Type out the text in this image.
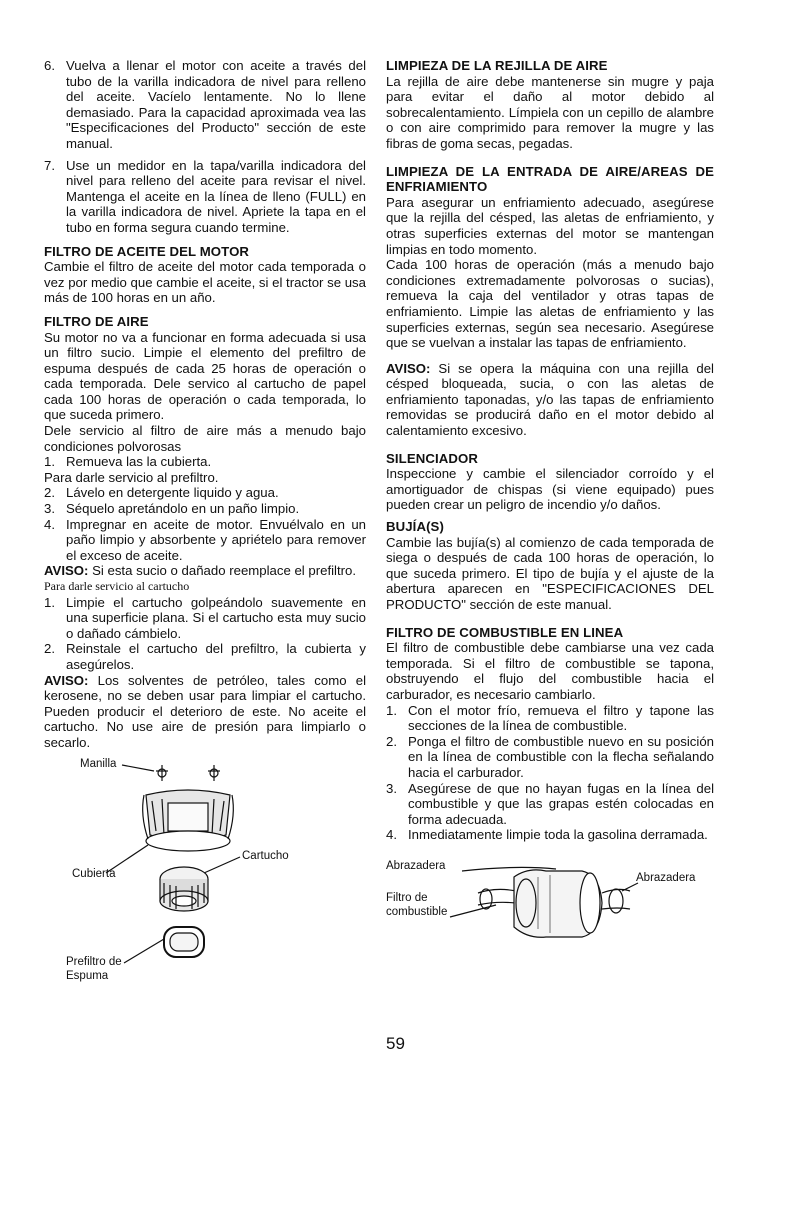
6. Vuelva a llenar el motor con aceite a través del tubo de la varilla indicadora de nivel para relleno del aceite. Vacíelo lentamente. No lo llene demasiado. Para la capacidad aproximada vea las "Especificaciones del Producto" sección de este manual.
7. Use un medidor en la tapa/varilla indicadora del nivel para relleno del aceite para revisar el nivel. Mantenga el aceite en la línea de lleno (FULL) en la varilla indicadora de nivel. Apriete la tapa en el tubo en forma segura cuando termine.

FILTRO DE ACEITE DEL MOTOR

Cambie el filtro de aceite del motor cada temporada o vez por medio que cambie el aceite, si el tractor se usa más de 100 horas en un año.

FILTRO DE AIRE

Su motor no va a funcionar en forma adecuada si usa un filtro sucio. Limpie el elemento del prefiltro de espuma después de cada 25 horas de operación o cada temporada. Dele servico al cartucho de papel cada 100 horas de operación o cada temporada, lo que suceda primero.

Dele servicio al filtro de aire más a menudo bajo condiciones polvorosas

1. Remueva las la cubierta.

Para darle servicio al prefiltro.

2. Lávelo en detergente liquido y agua.
3. Séquelo apretándolo en un paño limpio.
4. Impregnar en aceite de motor. Envuélvalo en un paño limpio y absorbente y apriételo para remover el exceso de aceite.

AVISO: Si esta sucio o dañado reemplace el prefiltro.

Para darle servicio al cartucho

1. Limpie el cartucho golpeándolo suavemente en una superficie plana. Si el cartucho esta muy sucio o dañado cámbielo.
2. Reinstale el cartucho del prefiltro, la cubierta y asegúrelos.

AVISO: Los solventes de petróleo, tales como el kerosene, no se deben usar para limpiar el cartucho. Pueden producir el deterioro de este. No aceite el cartucho. No use aire de presión para limpiarlo o secarlo.

Manilla
Cubierta
Cartucho
Prefiltro de
Espuma

LIMPIEZA DE LA REJILLA DE AIRE

La rejilla de aire debe mantenerse sin mugre y paja para evitar el daño al motor debido al sobrecalentamiento. Límpiela con un cepillo de alambre o con aire comprimido para remover la mugre y las fibras de goma secas, pegadas.

LIMPIEZA DE LA ENTRADA DE AIRE/AREAS DE ENFRIAMIENTO

Para asegurar un enfriamiento adecuado, asegúrese que la rejilla del césped, las aletas de enfriamiento, y otras superficies externas del motor se mantengan limpias en todo momento.

Cada 100 horas de operación (más a menudo bajo condiciones extremadamente polvorosas o sucias), remueva la caja del ventilador y otras tapas de enfriamiento. Limpie las aletas de enfriamiento y las superficies externas, según sea necesario. Asegúrese que se vuelvan a instalar las tapas de enfriamiento.

AVISO: Si se opera la máquina con una rejilla del césped bloqueada, sucia, o con las aletas de enfriamiento taponadas, y/o las tapas de enfriamiento removidas se producirá daño en el motor debido al calentamiento excesivo.

SILENCIADOR

Inspeccione y cambie el silenciador corroído y el amortiguador de chispas (si viene equipado) pues pueden crear un peligro de incendio y/o daños.

BUJÍA(S)

Cambie las bujía(s) al comienzo de cada temporada de siega o después de cada 100 horas de operación, lo que suceda primero. El tipo de bujía y el ajuste de la abertura aparecen en "ESPECIFICACIONES DEL PRODUCTO" sección de este manual.

FILTRO DE COMBUSTIBLE EN LINEA

El filtro de combustible debe cambiarse una vez cada temporada. Si el filtro de combustible se tapona, obstruyendo el flujo del combustible hacia el carburador, es necesario cambiarlo.

1. Con el motor frío, remueva el filtro y tapone las secciones de la línea de combustible.
2. Ponga el filtro de combustible nuevo en su posición en la línea de combustible con la flecha señalando hacia el carburador.
3. Asegúrese de que no hayan fugas en la línea del combustible y que las grapas estén colocadas en forma adecuada.
4. Inmediatamente limpie toda la gasolina derramada.
Abrazadera
Abrazadera
Filtro de
combustible
59
